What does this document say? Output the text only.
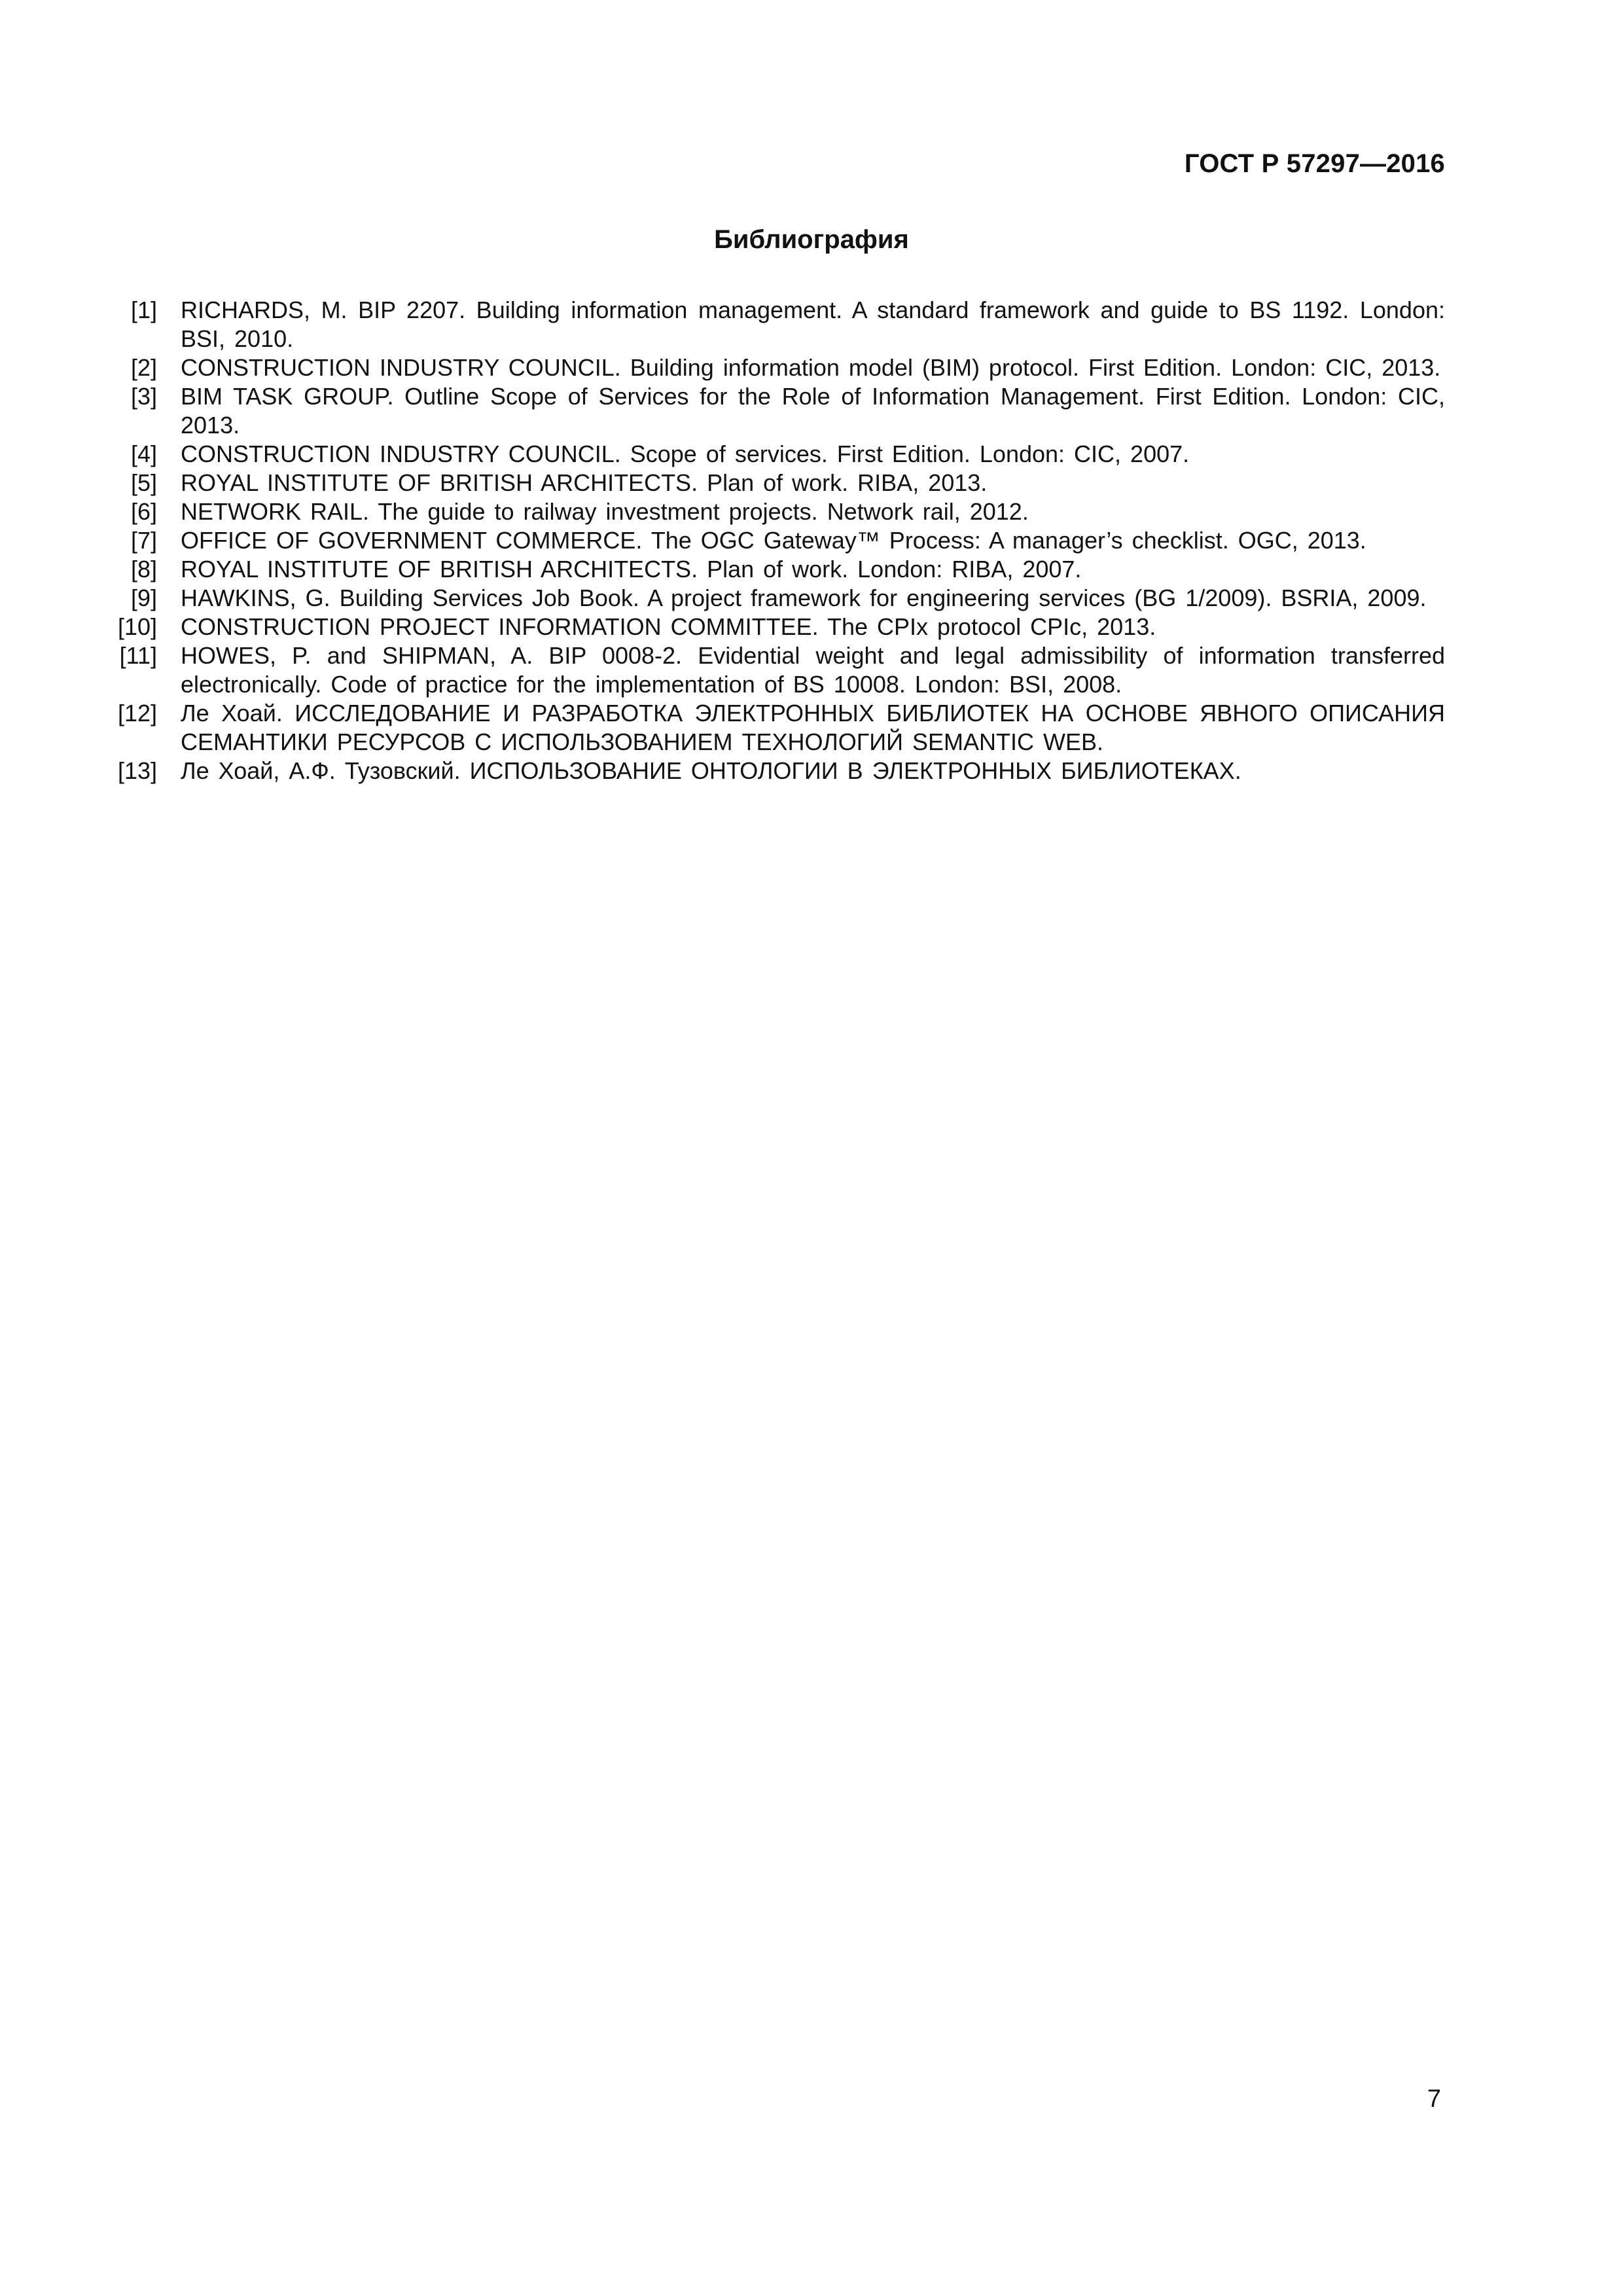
ГОСТ Р 57297—2016
Библиография
[1] RICHARDS, M. BIP 2207. Building information management. A standard framework and guide to BS 1192. London: BSI, 2010.
[2] CONSTRUCTION INDUSTRY COUNCIL. Building information model (BIM) protocol. First Edition. London: CIC, 2013.
[3] BIM TASK GROUP. Outline Scope of Services for the Role of Information Management. First Edition. London: CIC, 2013.
[4] CONSTRUCTION INDUSTRY COUNCIL. Scope of services. First Edition. London: CIC, 2007.
[5] ROYAL INSTITUTE OF BRITISH ARCHITECTS. Plan of work. RIBA, 2013.
[6] NETWORK RAIL. The guide to railway investment projects. Network rail, 2012.
[7] OFFICE OF GOVERNMENT COMMERCE. The OGC Gateway™ Process: A manager’s checklist. OGC, 2013.
[8] ROYAL INSTITUTE OF BRITISH ARCHITECTS. Plan of work. London: RIBA, 2007.
[9] HAWKINS, G. Building Services Job Book. A project framework for engineering services (BG 1/2009). BSRIA, 2009.
[10] CONSTRUCTION PROJECT INFORMATION COMMITTEE. The CPIx protocol CPIc, 2013.
[11] HOWES, P. and SHIPMAN, A. BIP 0008-2. Evidential weight and legal admissibility of information transferred electronically. Code of practice for the implementation of BS 10008. London: BSI, 2008.
[12] Ле Хоай. ИССЛЕДОВАНИЕ И РАЗРАБОТКА ЭЛЕКТРОННЫХ БИБЛИОТЕК НА ОСНОВЕ ЯВНОГО ОПИСАНИЯ СЕМАНТИКИ РЕСУРСОВ С ИСПОЛЬЗОВАНИЕМ ТЕХНОЛОГИЙ SEMANTIC WEB.
[13] Ле Хоай, А.Ф. Тузовский. ИСПОЛЬЗОВАНИЕ ОНТОЛОГИИ В ЭЛЕКТРОННЫХ БИБЛИОТЕКАХ.
7
